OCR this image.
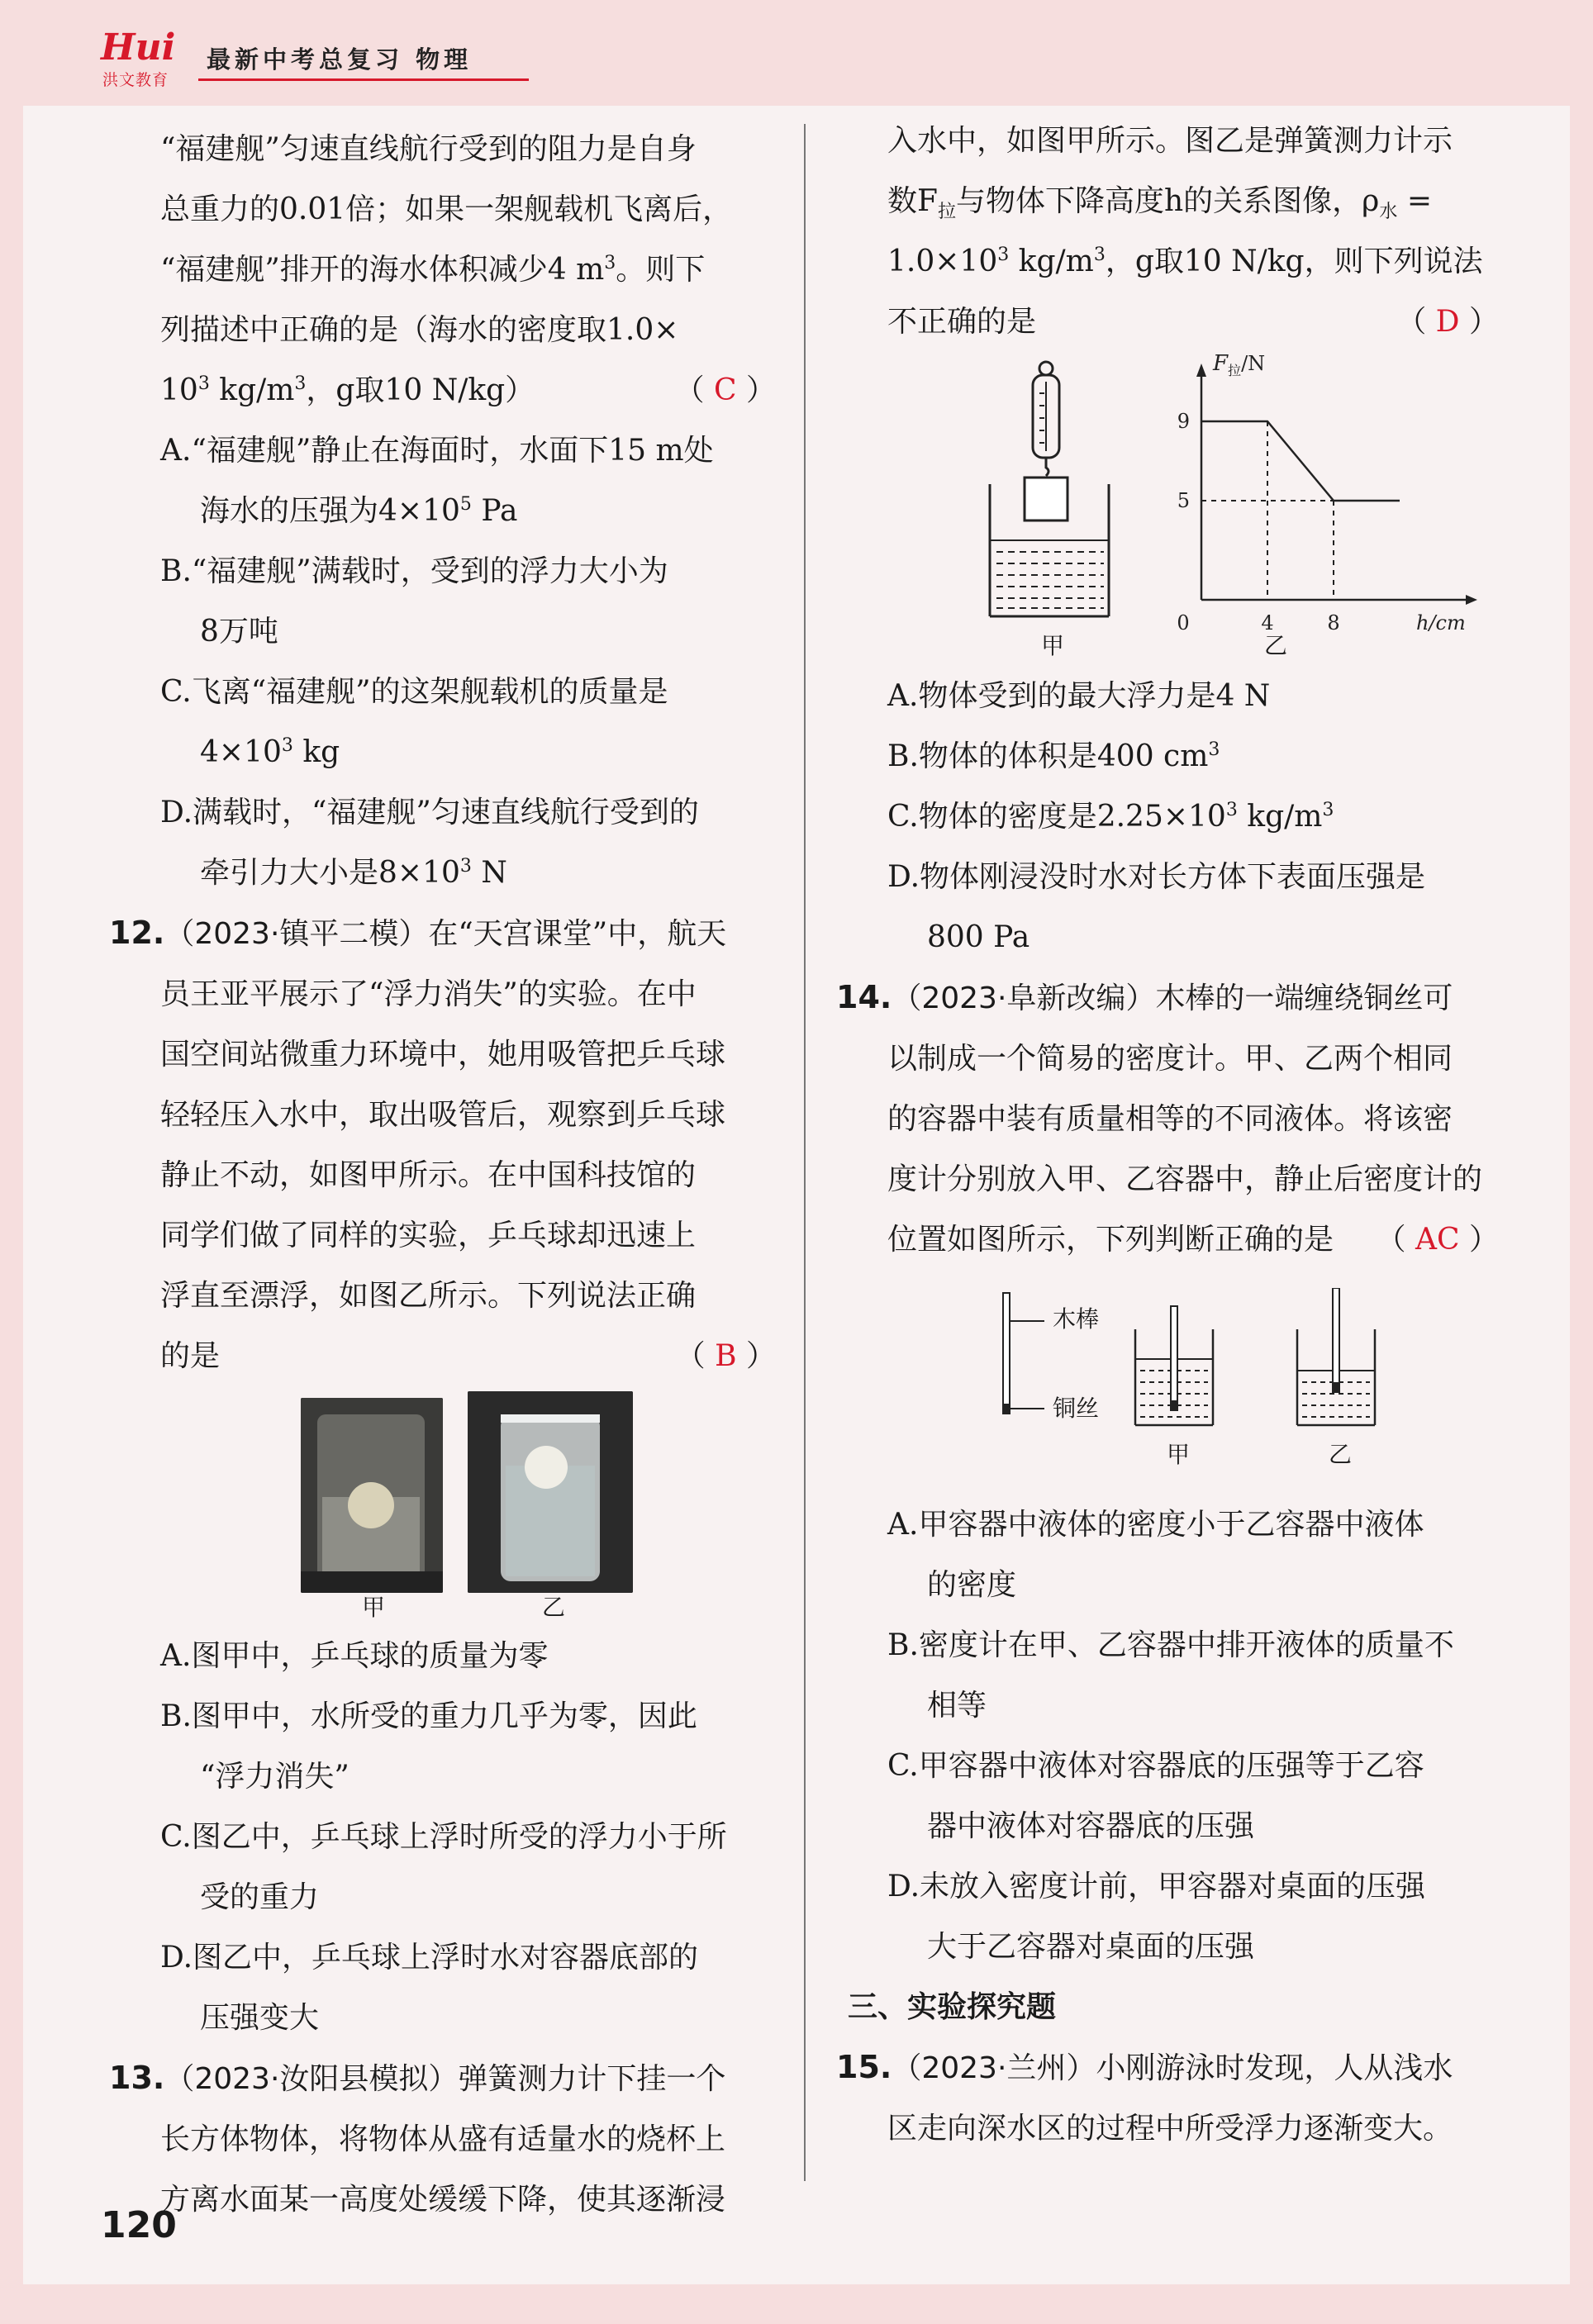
Hui
洪文教育
最新中考总复习 物理

“福建舰”匀速直线航行受到的阻力是自身

总重力的0.01倍；如果一架舰载机飞离后，

“福建舰”排开的海水体积减少4 $m^3$。则下

列描述中正确的是（海水的密度取1.0×

$10^3$ $kg/m^3$，g取10 N/kg）	（ C ）

A.“福建舰”静止在海面时，水面下15 m处

海水的压强为$4\times 10^5$ Pa

B.“福建舰”满载时，受到的浮力大小为

8万吨

C.飞离“福建舰”的这架舰载机的质量是

$4\times 10^3$ kg

D.满载时，“福建舰”匀速直线航行受到的

牵引力大小是$8\times 10^3$ N

12.（2023·镇平二模）在“天宫课堂”中，航天

员王亚平展示了“浮力消失”的实验。在中

国空间站微重力环境中，她用吸管把乒乓球

轻轻压入水中，取出吸管后，观察到乒乓球

静止不动，如图甲所示。在中国科技馆的

同学们做了同样的实验，乒乓球却迅速上

浮直至漂浮，如图乙所示。下列说法正确

的是	（ B ）

甲	乙

A.图甲中，乒乓球的质量为零

B.图甲中，水所受的重力几乎为零，因此

“浮力消失”

C.图乙中，乒乓球上浮时所受的浮力小于所

受的重力

D.图乙中，乒乓球上浮时水对容器底部的

压强变大

13.（2023·汝阳县模拟）弹簧测力计下挂一个

长方体物体，将物体从盛有适量水的烧杯上

方离水面某一高度处缓缓下降，使其逐渐浸

入水中，如图甲所示。图乙是弹簧测力计示

数$F_拉$与物体下降高度h的关系图像，$\rho_水$ =

$1.0\times 10^3$ $kg/m^3$，g取10 N/kg，则下列说法

不正确的是	（ D ）

甲
$F_拉/N$
h/cm
9
5
0	4	8
乙

A.物体受到的最大浮力是4 N

B.物体的体积是400 $cm^3$

C.物体的密度是$2.25\times 10^3$ $kg/m^3$

D.物体刚浸没时水对长方体下表面压强是

800 Pa

14.（2023·阜新改编）木棒的一端缠绕铜丝可

以制成一个简易的密度计。甲、乙两个相同

的容器中装有质量相等的不同液体。将该密

度计分别放入甲、乙容器中，静止后密度计的

位置如图所示，下列判断正确的是 （ AC ）

木棒
铜丝
甲	乙

A.甲容器中液体的密度小于乙容器中液体

的密度

B.密度计在甲、乙容器中排开液体的质量不

相等

C.甲容器中液体对容器底的压强等于乙容

器中液体对容器底的压强

D.未放入密度计前，甲容器对桌面的压强

大于乙容器对桌面的压强

三、实验探究题

15.（2023·兰州）小刚游泳时发现，人从浅水

区走向深水区的过程中所受浮力逐渐变大。

120
